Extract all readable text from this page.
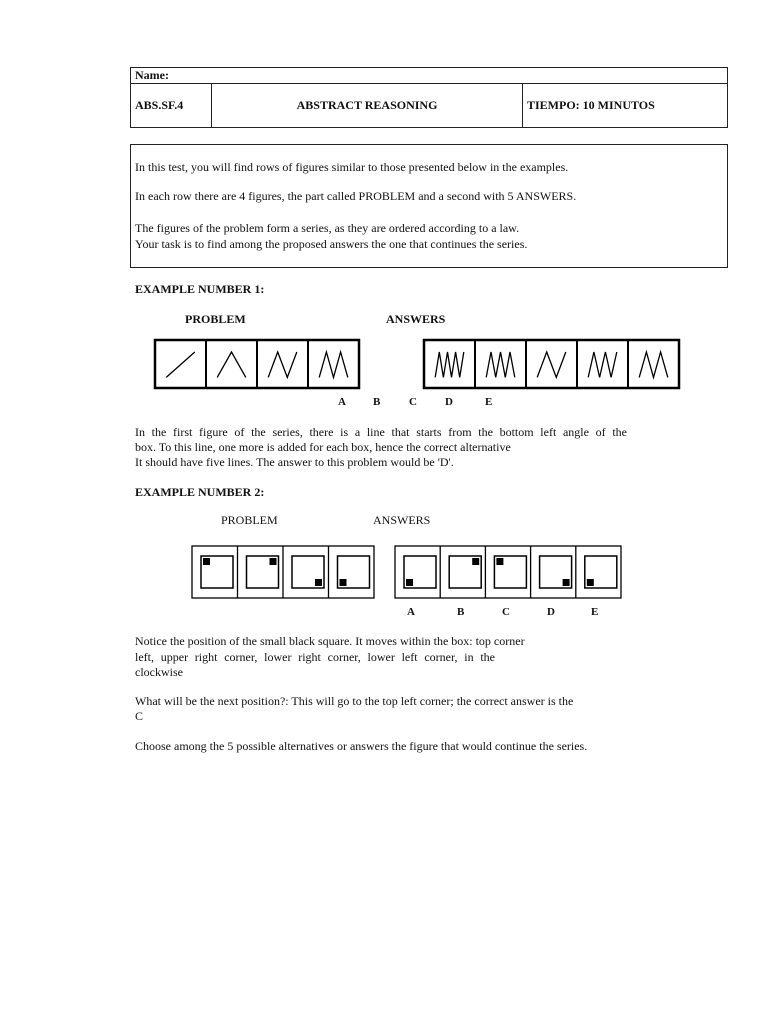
Name:
ABS.SF.4	ABSTRACT REASONING	TIEMPO: 10 MINUTOS
In this test, you will find rows of figures similar to those presented below in the examples.
In each row there are 4 figures, the part called PROBLEM and a second with 5 ANSWERS.
The figures of the problem form a series, as they are ordered according to a law.
Your task is to find among the proposed answers the one that continues the series.
EXAMPLE NUMBER 1:
PROBLEM	ANSWERS
A B	C	D	E
In the first figure of the series, there is a line that starts from the bottom left angle of the
box. To this line, one more is added for each box, hence the correct alternative
It should have five lines. The answer to this problem would be 'D'.
EXAMPLE NUMBER 2:
PROBLEM	ANSWERS
A	B	C	D	E
Notice the position of the small black square. It moves within the box: top corner
left, upper right corner, lower right corner, lower left corner, in the
clockwise
What will be the next position?: This will go to the top left corner; the correct answer is the
C
Choose among the 5 possible alternatives or answers the figure that would continue the series.
